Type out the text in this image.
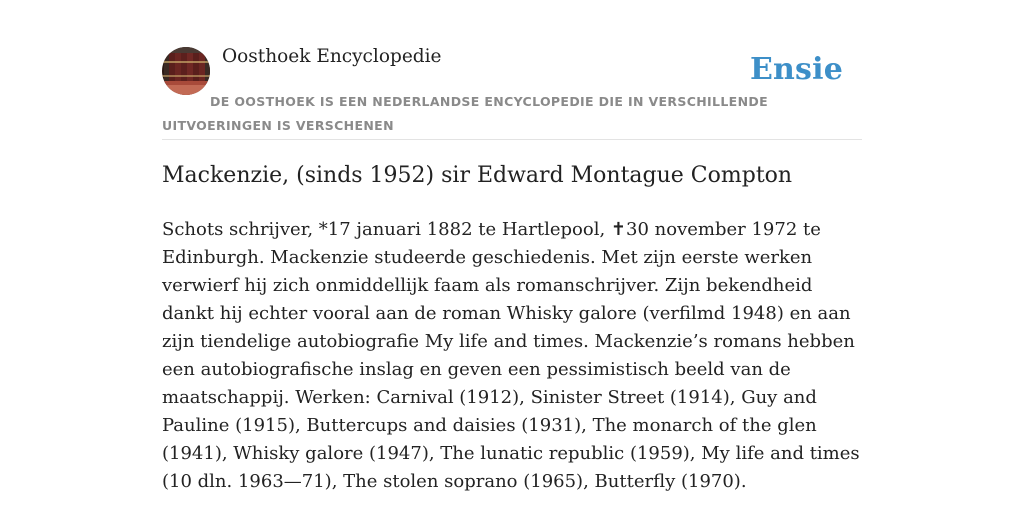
Oosthoek Encyclopedie	Ensie
DE OOSTHOEK IS EEN NEDERLANDSE ENCYCLOPEDIE DIE IN VERSCHILLENDE UITVOERINGEN IS VERSCHENEN
Mackenzie, (sinds 1952) sir Edward Montague Compton

Schots schrijver, *17 januari 1882 te Hartlepool, ✝30 november 1972 te Edinburgh. Mackenzie studeerde geschiedenis. Met zijn eerste werken verwierf hij zich onmiddellijk faam als romanschrijver. Zijn bekendheid dankt hij echter vooral aan de roman Whisky galore (verfilmd 1948) en aan zijn tiendelige autobiografie My life and times. Mackenzie’s romans hebben een autobiografische inslag en geven een pessimistisch beeld van de maatschappij. Werken: Carnival (1912), Sinister Street (1914), Guy and Pauline (1915), Buttercups and daisies (1931), The monarch of the glen (1941), Whisky galore (1947), The lunatic republic (1959), My life and times (10 dln. 1963—71), The stolen soprano (1965), Butterfly (1970).
